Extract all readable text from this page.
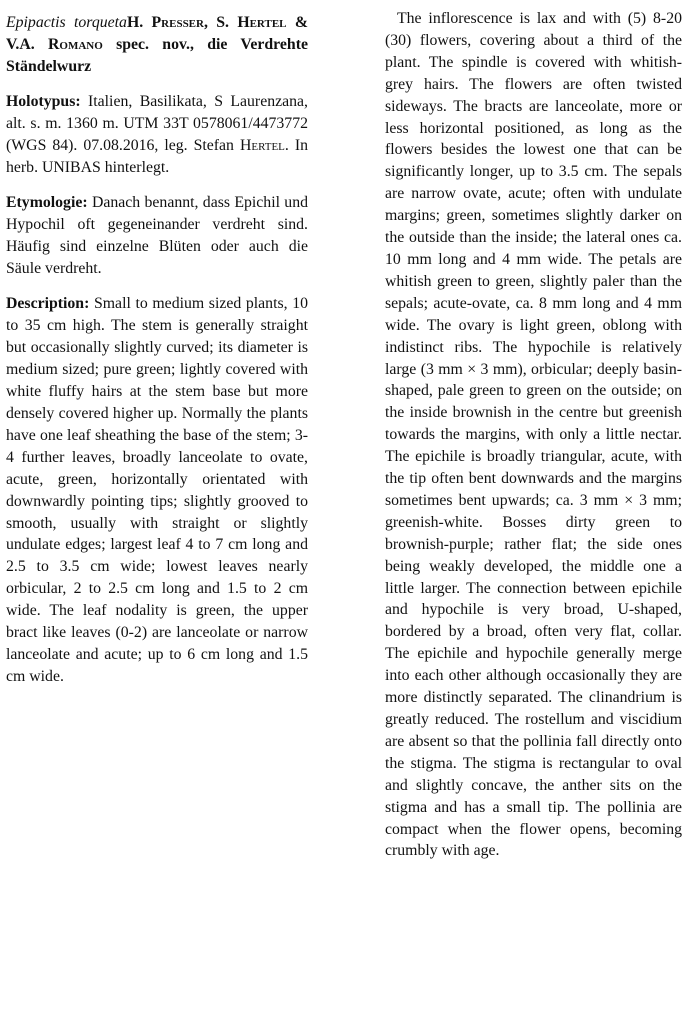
Epipactis torquetaH. Presser, S. Hertel & V.A. Romano spec. nov., die Verdrehte Ständelwurz

Holotypus: Italien, Basilikata, S Laurenzana, alt. s. m. 1360 m. UTM 33T 0578061/4473772 (WGS 84). 07.08.2016, leg. Stefan Hertel. In herb. UNIBAS hinterlegt.

Etymologie: Danach benannt, dass Epichil und Hypochil oft gegeneinander verdreht sind. Häufig sind einzelne Blüten oder auch die Säule verdreht.

Description: Small to medium sized plants, 10 to 35 cm high. The stem is generally straight but occasionally slightly curved; its diameter is medium sized; pure green; lightly covered with white fluffy hairs at the stem base but more densely covered higher up. Normally the plants have one leaf sheathing the base of the stem; 3-4 further leaves, broadly lanceolate to ovate, acute, green, horizontally orientated with downwardly pointing tips; slightly grooved to smooth, usually with straight or slightly undulate edges; largest leaf 4 to 7 cm long and 2.5 to 3.5 cm wide; lowest leaves nearly orbicular, 2 to 2.5 cm long and 1.5 to 2 cm wide. The leaf nodality is green, the upper bract like leaves (0-2) are lanceolate or narrow lanceolate and acute; up to 6 cm long and 1.5 cm wide.

The inflorescence is lax and with (5) 8-20 (30) flowers, covering about a third of the plant. The spindle is covered with whitish-grey hairs. The flowers are often twisted sideways. The bracts are lanceolate, more or less horizontal positioned, as long as the flowers besides the lowest one that can be significantly longer, up to 3.5 cm. The sepals are narrow ovate, acute; often with undulate margins; green, sometimes slightly darker on the outside than the inside; the lateral ones ca. 10 mm long and 4 mm wide. The petals are whitish green to green, slightly paler than the sepals; acute-ovate, ca. 8 mm long and 4 mm wide. The ovary is light green, oblong with indistinct ribs. The hypochile is relatively large (3 mm × 3 mm), orbicular; deeply basin-shaped, pale green to green on the outside; on the inside brownish in the centre but greenish towards the margins, with only a little nectar. The epichile is broadly triangular, acute, with the tip often bent downwards and the margins sometimes bent upwards; ca. 3 mm × 3 mm; greenish-white. Bosses dirty green to brownish-purple; rather flat; the side ones being weakly developed, the middle one a little larger. The connection between epichile and hypochile is very broad, U-shaped, bordered by a broad, often very flat, collar. The epichile and hypochile generally merge into each other although occasionally they are more distinctly separated. The clinandrium is greatly reduced. The rostellum and viscidium are absent so that the pollinia fall directly onto the stigma. The stigma is rectangular to oval and slightly concave, the anther sits on the stigma and has a small tip. The pollinia are compact when the flower opens, becoming crumbly with age.
